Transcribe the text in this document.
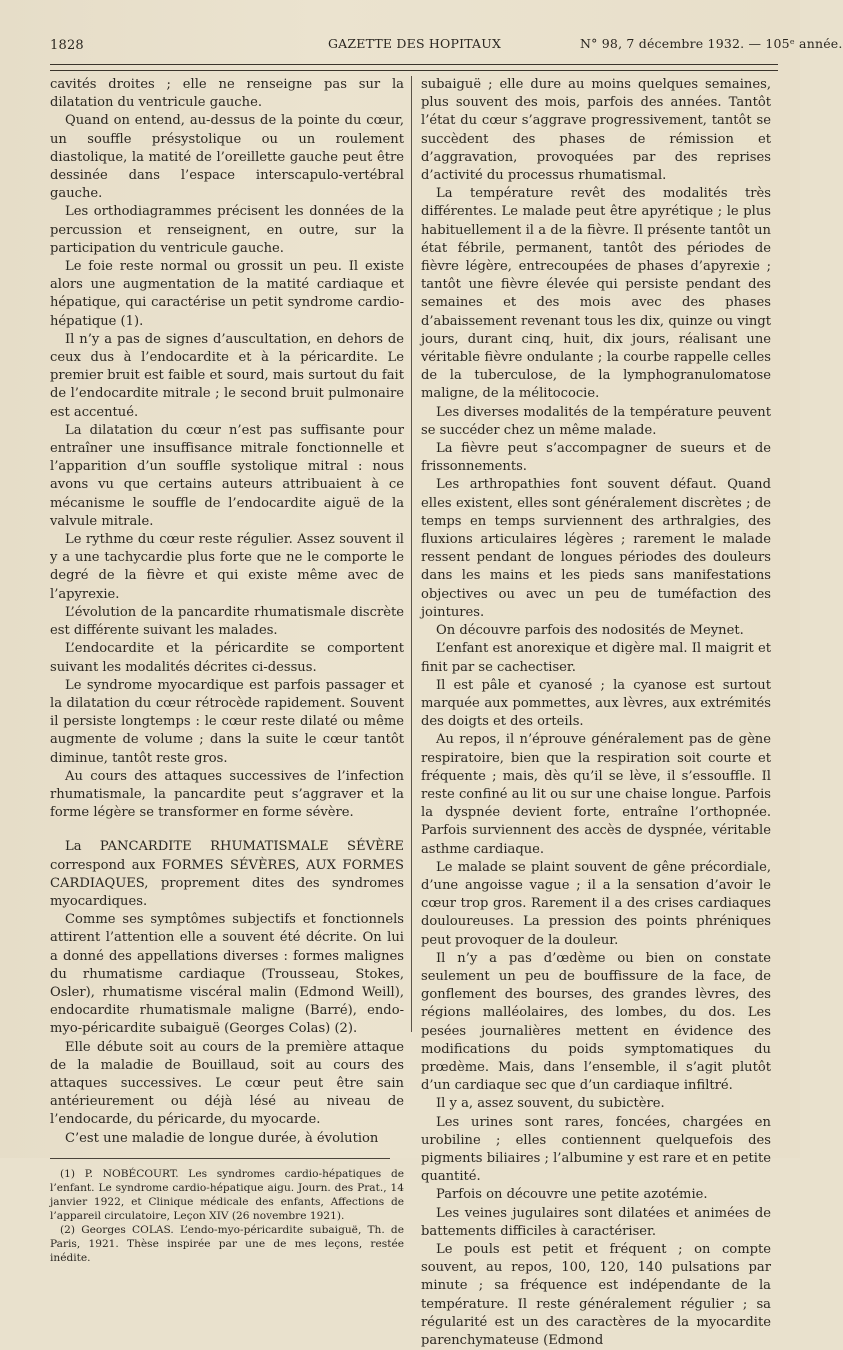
1828	GAZETTE DES HOPITAUX	N° 98, 7 décembre 1932. — 105ᵉ année.

cavités droites ; elle ne renseigne pas sur la dilatation du ventricule gauche.

Quand on entend, au-dessus de la pointe du cœur, un souffle présystolique ou un roulement diastolique, la matité de l’oreillette gauche peut être dessinée dans l’espace interscapulo-vertébral gauche.

Les orthodiagrammes précisent les données de la percussion et renseignent, en outre, sur la participation du ventricule gauche.

Le foie reste normal ou grossit un peu. Il existe alors une augmentation de la matité cardiaque et hépatique, qui caractérise un petit syndrome cardio-hépatique (1).

Il n’y a pas de signes d’auscultation, en dehors de ceux dus à l’endocardite et à la péricardite. Le premier bruit est faible et sourd, mais surtout du fait de l’endocardite mitrale ; le second bruit pulmonaire est accentué.

La dilatation du cœur n’est pas suffisante pour entraîner une insuffisance mitrale fonctionnelle et l’apparition d’un souffle systolique mitral : nous avons vu que certains auteurs attribuaient à ce mécanisme le souffle de l’endocardite aiguë de la valvule mitrale.

Le rythme du cœur reste régulier. Assez souvent il y a une tachycardie plus forte que ne le comporte le degré de la fièvre et qui existe même avec de l’apyrexie.

L’évolution de la pancardite rhumatismale discrète est différente suivant les malades.

L’endocardite et la péricardite se comportent suivant les modalités décrites ci-dessus.

Le syndrome myocardique est parfois passager et la dilatation du cœur rétrocède rapidement. Souvent il persiste longtemps : le cœur reste dilaté ou même augmente de volume ; dans la suite le cœur tantôt diminue, tantôt reste gros.

Au cours des attaques successives de l’infection rhumatismale, la pancardite peut s’aggraver et la forme légère se transformer en forme sévère.

La PANCARDITE RHUMATISMALE SÉVÈRE correspond aux FORMES SÉVÈRES, AUX FORMES CARDIAQUES, proprement dites des syndromes myocardiques.

Comme ses symptômes subjectifs et fonctionnels attirent l’attention elle a souvent été décrite. On lui a donné des appellations diverses : formes malignes du rhumatisme cardiaque (Trousseau, Stokes, Osler), rhumatisme viscéral malin (Edmond Weill), endocardite rhumatismale maligne (Barré), endo-myo-péricardite subaiguë (Georges Colas) (2).

Elle débute soit au cours de la première attaque de la maladie de Bouillaud, soit au cours des attaques successives. Le cœur peut être sain antérieurement ou déjà lésé au niveau de l’endocarde, du péricarde, du myocarde.

C’est une maladie de longue durée, à évolution

(1) P. NOBÉCOURT. Les syndromes cardio-hépatiques de l’enfant. Le syndrome cardio-hépatique aigu. Journ. des Prat., 14 janvier 1922, et Clinique médicale des enfants, Affections de l’appareil circulatoire, Leçon XIV (26 novembre 1921).

(2) Georges COLAS. L’endo-myo-péricardite subaiguë, Th. de Paris, 1921. Thèse inspirée par une de mes leçons, restée inédite.

subaiguë ; elle dure au moins quelques semaines, plus souvent des mois, parfois des années. Tantôt l’état du cœur s’aggrave progressivement, tantôt se succèdent des phases de rémission et d’aggravation, provoquées par des reprises d’activité du processus rhumatismal.

La température revêt des modalités très différentes. Le malade peut être apyrétique ; le plus habituellement il a de la fièvre. Il présente tantôt un état fébrile, permanent, tantôt des périodes de fièvre légère, entrecoupées de phases d’apyrexie ; tantôt une fièvre élevée qui persiste pendant des semaines et des mois avec des phases d’abaissement revenant tous les dix, quinze ou vingt jours, durant cinq, huit, dix jours, réalisant une véritable fièvre ondulante ; la courbe rappelle celles de la tuberculose, de la lymphogranulomatose maligne, de la mélitococie.

Les diverses modalités de la température peuvent se succéder chez un même malade.

La fièvre peut s’accompagner de sueurs et de frissonnements.

Les arthropathies font souvent défaut. Quand elles existent, elles sont généralement discrètes ; de temps en temps surviennent des arthralgies, des fluxions articulaires légères ; rarement le malade ressent pendant de longues périodes des douleurs dans les mains et les pieds sans manifestations objectives ou avec un peu de tuméfaction des jointures.

On découvre parfois des nodosités de Meynet.

L’enfant est anorexique et digère mal. Il maigrit et finit par se cachectiser.

Il est pâle et cyanosé ; la cyanose est surtout marquée aux pommettes, aux lèvres, aux extrémités des doigts et des orteils.

Au repos, il n’éprouve généralement pas de gène respiratoire, bien que la respiration soit courte et fréquente ; mais, dès qu’il se lève, il s’essouffle. Il reste confiné au lit ou sur une chaise longue. Parfois la dyspnée devient forte, entraîne l’orthopnée. Parfois surviennent des accès de dyspnée, véritable asthme cardiaque.

Le malade se plaint souvent de gêne précordiale, d’une angoisse vague ; il a la sensation d’avoir le cœur trop gros. Rarement il a des crises cardiaques douloureuses. La pression des points phréniques peut provoquer de la douleur.

Il n’y a pas d’œdème ou bien on constate seulement un peu de bouffissure de la face, de gonflement des bourses, des grandes lèvres, des régions malléolaires, des lombes, du dos. Les pesées journalières mettent en évidence des modifications du poids symptomatiques du prœdème. Mais, dans l’ensemble, il s’agit plutôt d’un cardiaque sec que d’un cardiaque infiltré.

Il y a, assez souvent, du subictère.

Les urines sont rares, foncées, chargées en urobiline ; elles contiennent quelquefois des pigments biliaires ; l’albumine y est rare et en petite quantité.

Parfois on découvre une petite azotémie.

Les veines jugulaires sont dilatées et animées de battements difficiles à caractériser.

Le pouls est petit et fréquent ; on compte souvent, au repos, 100, 120, 140 pulsations par minute ; sa fréquence est indépendante de la température. Il reste généralement régulier ; sa régularité est un des caractères de la myocardite parenchymateuse (Edmond
